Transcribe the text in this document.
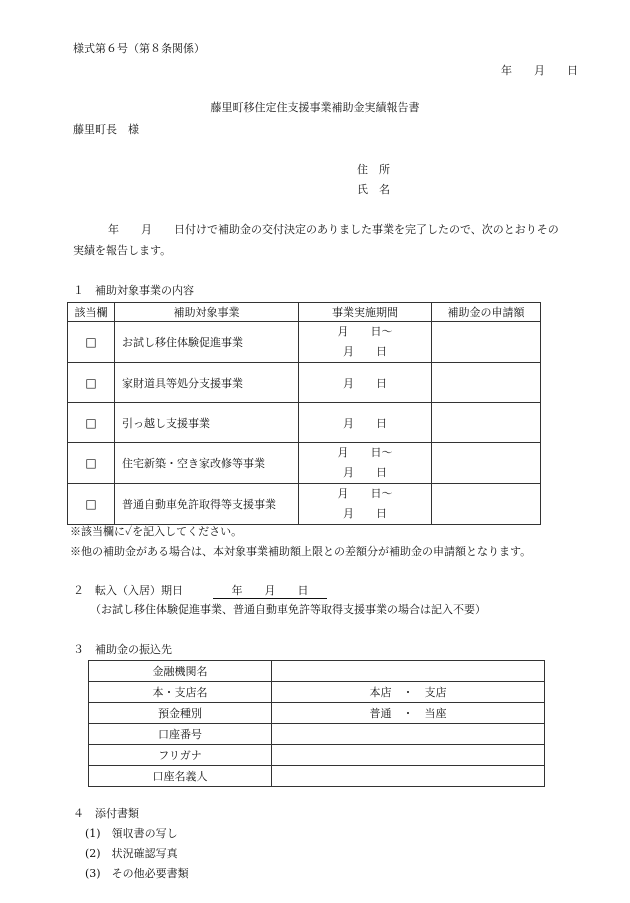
様式第６号（第８条関係）
年　　月　　日
藤里町移住定住支援事業補助金実績報告書
藤里町長　様
住　所
氏　名
年　　月　　日付けで補助金の交付決定のありました事業を完了したので、次のとおりその
実績を報告します。
１　補助対象事業の内容
該当欄	補助対象事業	事業実施期間	補助金の申請額
□	お試し移住体験促進事業	月　　日～
月　　日	

□	家財道具等処分支援事業	月　　日	
□	引っ越し支援事業	月　　日	
□	住宅新築・空き家改修等事業	月　　日～
月　　日	

□	普通自動車免許取得等支援事業	月　　日～
月　　日	

※該当欄に✓を記入してください。
※他の補助金がある場合は、本対象事業補助額上限との差額分が補助金の申請額となります。
２　転入（入居）期日	年　　月　　日
（お試し移住体験促進事業、普通自動車免許等取得支援事業の場合は記入不要）
３　補助金の振込先
金融機関名	
本・支店名	本店　・　支店
預金種別	普通　・　当座
口座番号	
フリガナ	
口座名義人	
４　添付書類
(1)　領収書の写し
(2)　状況確認写真
(3)　その他必要書類
